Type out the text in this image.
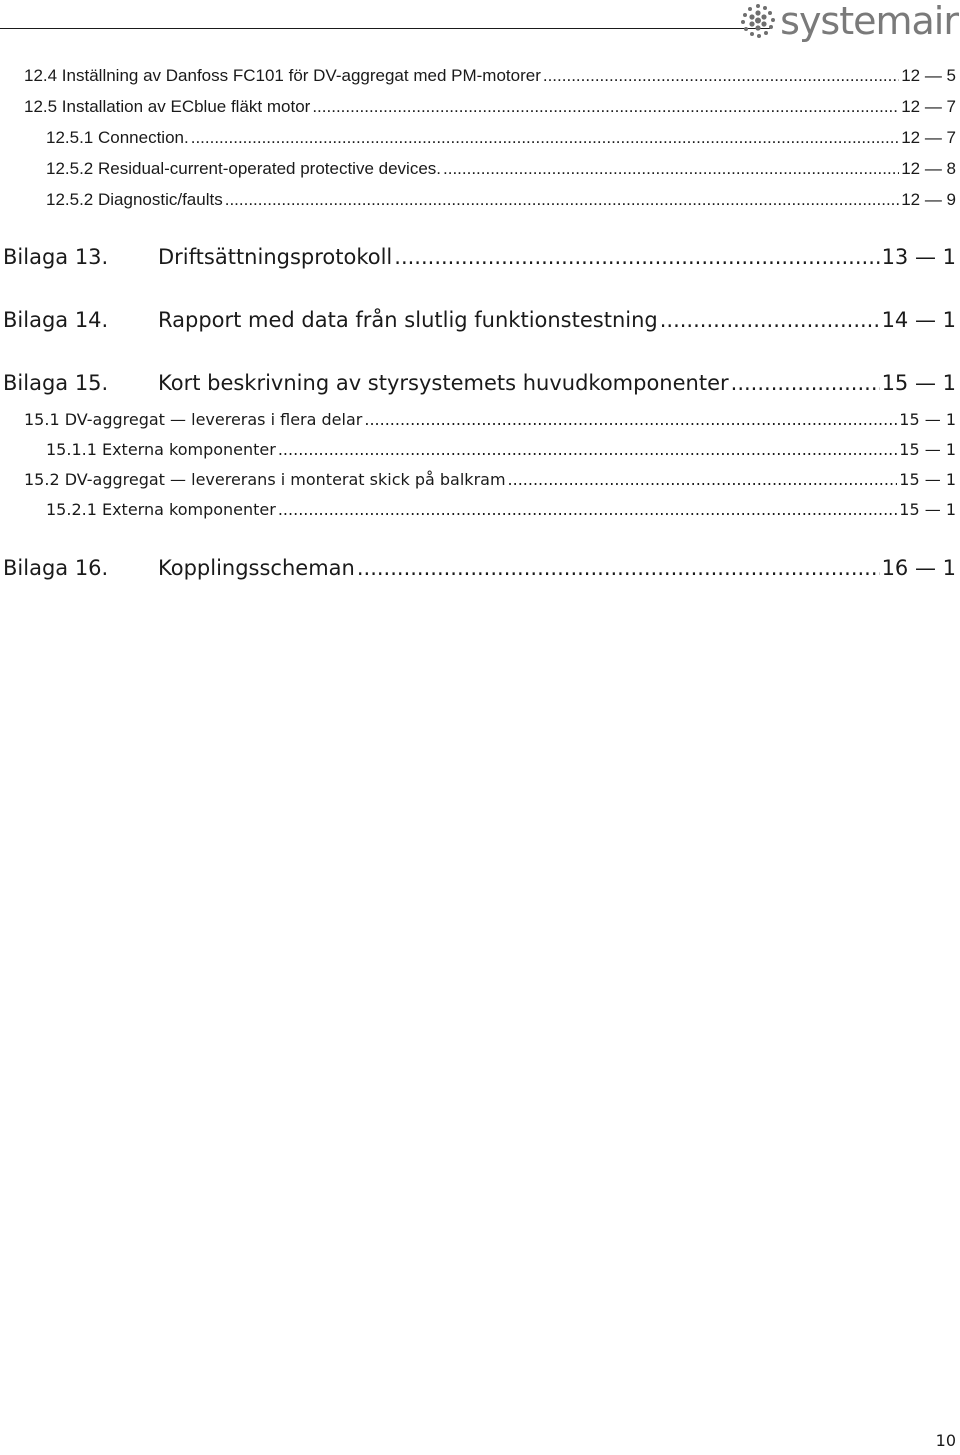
systemair
12.4 Inställning av Danfoss FC101 för DV-aggregat med PM-motorer .....	12 — 5
12.5 Installation av ECblue fläkt motor .....	12 — 7
12.5.1 Connection. .....	12 — 7
12.5.2 Residual-current-operated protective devices. .....	12 — 8
12.5.2 Diagnostic/faults .....	12 — 9
Bilaga 13. Driftsättningsprotokoll .....	13 — 1
Bilaga 14. Rapport med data från slutlig funktionstestning .....	14 — 1
Bilaga 15. Kort beskrivning av styrsystemets huvudkomponenter .....	15 — 1
15.1 DV-aggregat — levereras i flera delar .....	15 — 1
15.1.1 Externa komponenter .....	15 — 1
15.2 DV-aggregat — levererans i monterat skick på balkram .....	15 — 1
15.2.1 Externa komponenter .....	15 — 1
Bilaga 16. Kopplingsscheman .....	16 — 1
10
